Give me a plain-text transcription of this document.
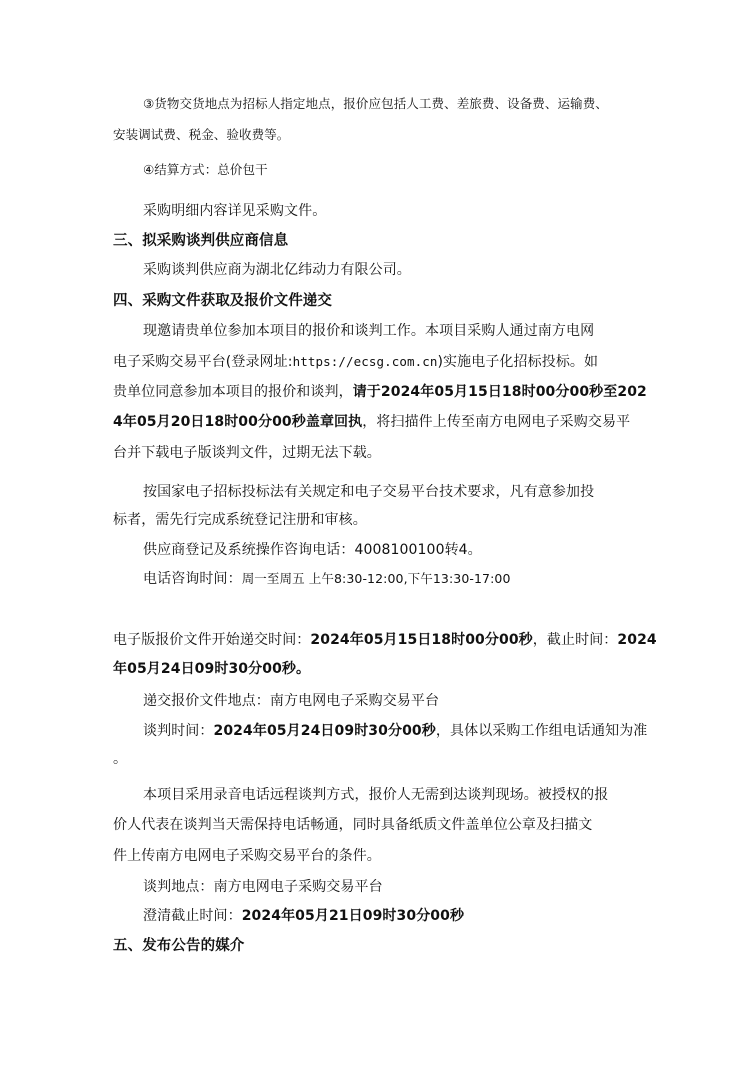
③货物交货地点为招标人指定地点，报价应包括人工费、差旅费、设备费、运输费、
安装调试费、税金、验收费等。
④结算方式：总价包干
采购明细内容详见采购文件。
三、拟采购谈判供应商信息
采购谈判供应商为湖北亿纬动力有限公司。
四、采购文件获取及报价文件递交
现邀请贵单位参加本项目的报价和谈判工作。本项目采购人通过南方电网
电子采购交易平台(登录网址:https://ecsg.com.cn)实施电子化招标投标。如
贵单位同意参加本项目的报价和谈判，请于2024年05月15日18时00分00秒至202
4年05月20日18时00分00秒盖章回执，将扫描件上传至南方电网电子采购交易平
台并下载电子版谈判文件，过期无法下载。
按国家电子招标投标法有关规定和电子交易平台技术要求，凡有意参加投
标者，需先行完成系统登记注册和审核。
供应商登记及系统操作咨询电话：4008100100转4。
电话咨询时间：周一至周五 上午8:30-12:00,下午13:30-17:00
电子版报价文件开始递交时间：2024年05月15日18时00分00秒，截止时间：2024
年05月24日09时30分00秒。
递交报价文件地点：南方电网电子采购交易平台
谈判时间：2024年05月24日09时30分00秒，具体以采购工作组电话通知为准
。
本项目采用录音电话远程谈判方式，报价人无需到达谈判现场。被授权的报
价人代表在谈判当天需保持电话畅通，同时具备纸质文件盖单位公章及扫描文
件上传南方电网电子采购交易平台的条件。
谈判地点：南方电网电子采购交易平台
澄清截止时间：2024年05月21日09时30分00秒
五、发布公告的媒介
